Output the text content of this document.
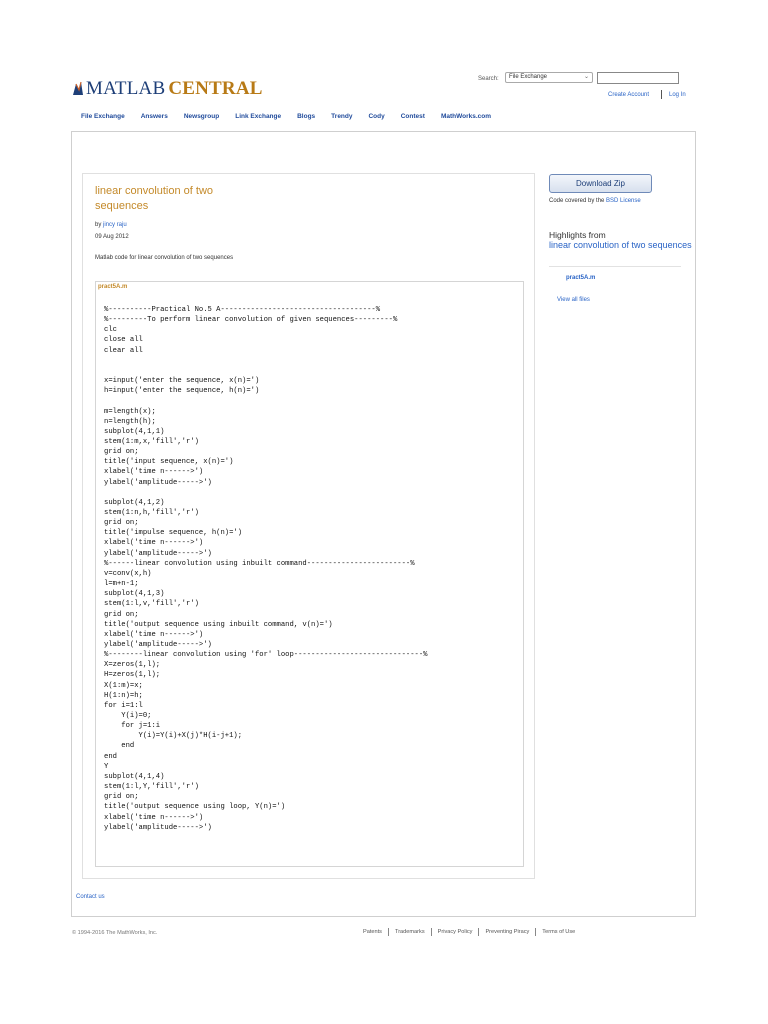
MATLAB CENTRAL	Search:	File Exchange	⌄
Create Account	Log In
File Exchange Answers Newsgroup Link Exchange Blogs Trendy Cody Contest MathWorks.com
linear convolution of two sequences
by jincy raju
09 Aug 2012
Matlab code for linear convolution of two sequences
pract5A.m
%----------Practical No.5 A------------------------------------%
%---------To perform linear convolution of given sequences---------%
clc
close all
clear all
x=input('enter the sequence, x(n)=')
h=input('enter the sequence, h(n)=')
m=length(x);
n=length(h);
subplot(4,1,1)
stem(1:m,x,'fill','r')
grid on;
title('input sequence, x(n)=')
xlabel('time n------>')
ylabel('amplitude----->')
subplot(4,1,2)
stem(1:n,h,'fill','r')
grid on;
title('impulse sequence, h(n)=')
xlabel('time n------>')
ylabel('amplitude----->')
%------linear convolution using inbuilt command------------------------%
v=conv(x,h)
l=m+n-1;
subplot(4,1,3)
stem(1:l,v,'fill','r')
grid on;
title('output sequence using inbuilt command, v(n)=')
xlabel('time n------>')
ylabel('amplitude----->')
%--------linear convolution using 'for' loop------------------------------%
X=zeros(1,l);
H=zeros(1,l);
X(1:m)=x;
H(1:n)=h;
for i=1:l
Y(i)=0;
for j=1:i
Y(i)=Y(i)+X(j)*H(i-j+1);
end
end
Y
subplot(4,1,4)
stem(1:l,Y,'fill','r')
grid on;
title('output sequence using loop, Y(n)=')
xlabel('time n------>')
ylabel('amplitude----->')
Download Zip
Code covered by the BSD License
Highlights from
linear convolution of two sequences
pract5A.m
View all files
Contact us
© 1994-2016 The MathWorks, Inc.	Patents Trademarks Privacy Policy Preventing Piracy Terms of Use
